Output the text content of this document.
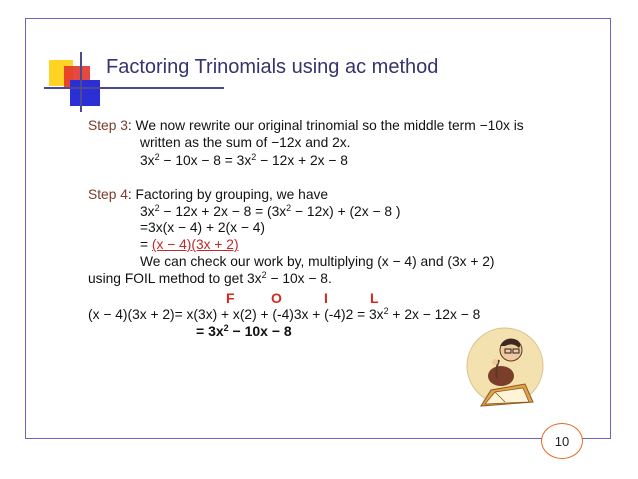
Factoring Trinomials using ac method
Step 3: We now rewrite our original trinomial so the middle term −10x is
written as the sum of −12x and 2x.
$3x^2 - 10x - 8 = 3x^2 - 12x + 2x - 8$
Step 4: Factoring by grouping, we have
$3x^2 - 12x + 2x - 8 = (3x^2 - 12x) + (2x - 8$ )
=3x(x − 4) + 2(x − 4)
= (x − 4)(3x + 2)
We can check our work by, multiplying (x − 4) and (3x + 2)
using FOIL method to get $3x^2 - 10x - 8$.
F	O	I	L
$(x - 4)(3x + 2)= x(3x) + x(2) + (-4)3x + (-4)2 = 3x^2 + 2x - 12x - 8$
= $3x^2 - 10x - 8$
10
